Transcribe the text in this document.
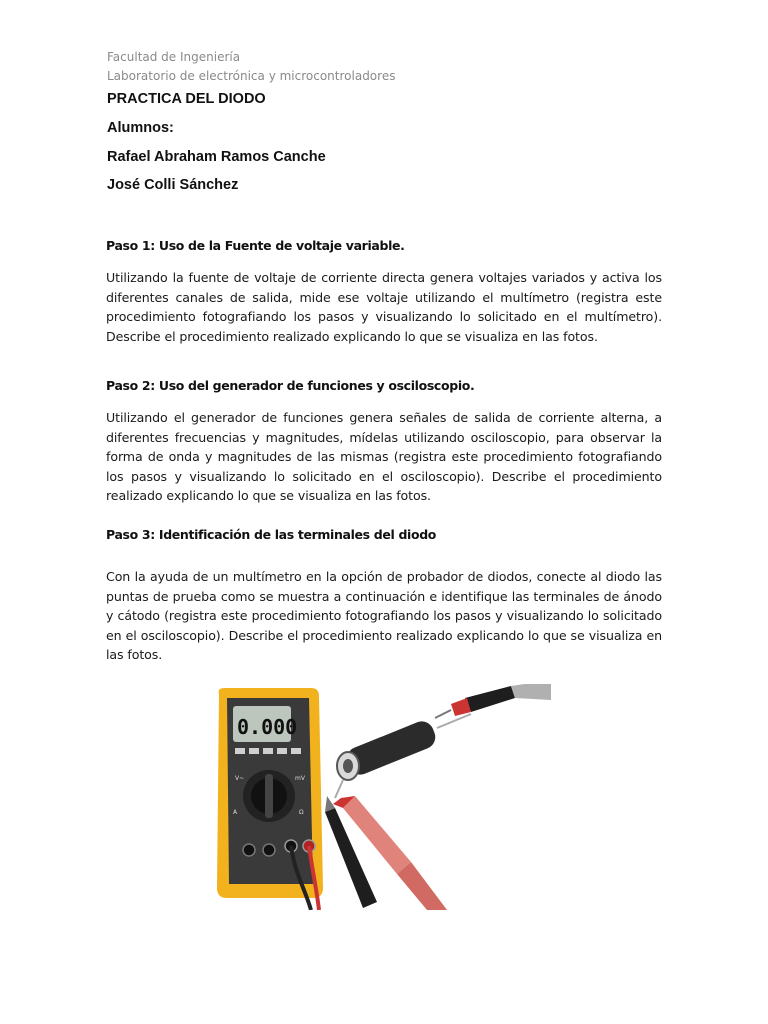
Facultad de Ingeniería
Laboratorio de electrónica y microcontroladores
PRACTICA DEL DIODO
Alumnos:
Rafael Abraham Ramos Canche
José Colli Sánchez
Paso 1: Uso de la Fuente de voltaje variable.
Utilizando la fuente de voltaje de corriente directa genera voltajes variados y activa los diferentes canales de salida, mide ese voltaje utilizando el multímetro (registra este procedimiento fotografiando los pasos y visualizando lo solicitado en el multímetro). Describe el procedimiento realizado explicando lo que se visualiza en las fotos.
Paso 2: Uso del generador de funciones y osciloscopio.
Utilizando el generador de funciones genera señales de salida de corriente alterna, a diferentes frecuencias y magnitudes, mídelas utilizando osciloscopio, para observar la forma de onda y magnitudes de las mismas (registra este procedimiento fotografiando los pasos y visualizando lo solicitado en el osciloscopio). Describe el procedimiento realizado explicando lo que se visualiza en las fotos.
Paso 3: Identificación de las terminales del diodo
Con la ayuda de un multímetro en la opción de probador de diodos, conecte al diodo las puntas de prueba como se muestra a continuación e identifique las terminales de ánodo y cátodo (registra este procedimiento fotografiando los pasos y visualizando lo solicitado en el osciloscopio). Describe el procedimiento realizado explicando lo que se visualiza en las fotos.
0.000
V~	mV
A	Ω
